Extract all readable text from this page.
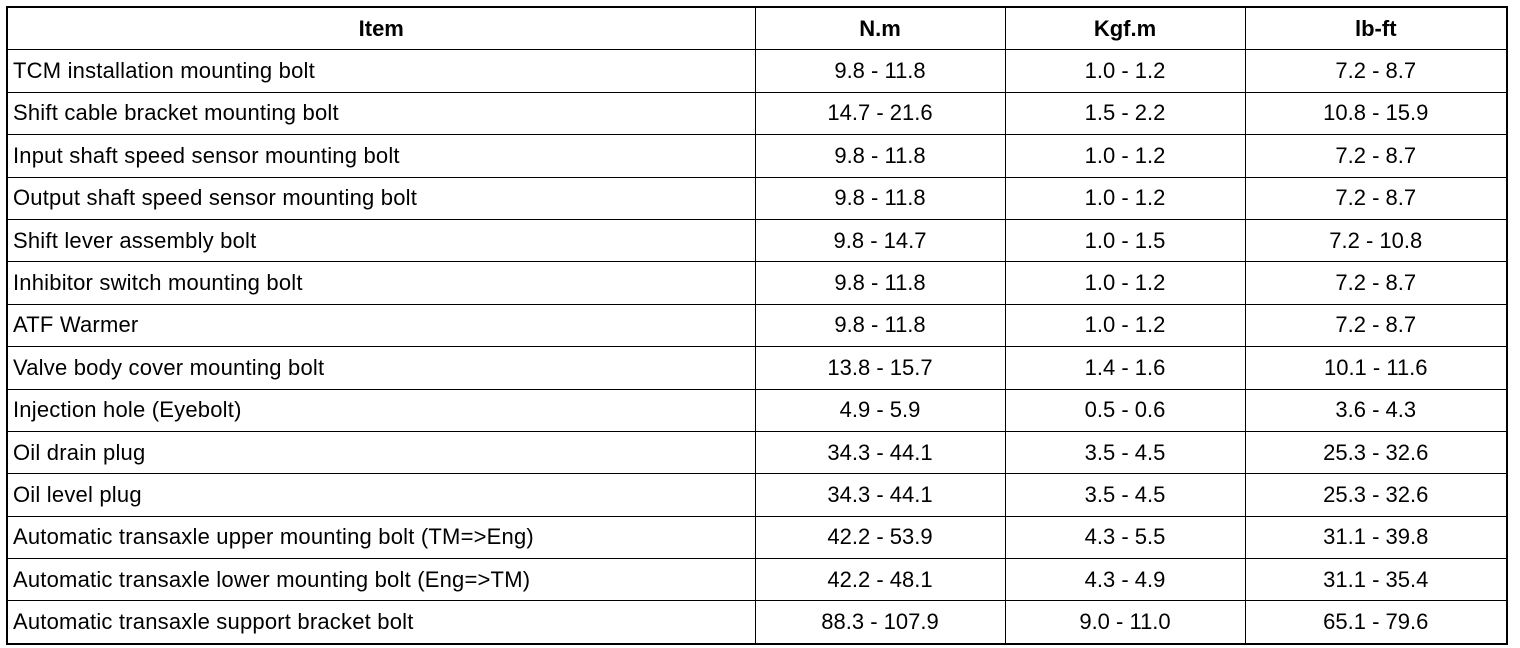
Item	N.m	Kgf.m	lb-ft
TCM installation mounting bolt	9.8 - 11.8	1.0 - 1.2	7.2 - 8.7
Shift cable bracket mounting bolt	14.7 - 21.6	1.5 - 2.2	10.8 - 15.9
Input shaft speed sensor mounting bolt	9.8 - 11.8	1.0 - 1.2	7.2 - 8.7
Output shaft speed sensor mounting bolt	9.8 - 11.8	1.0 - 1.2	7.2 - 8.7
Shift lever assembly bolt	9.8 - 14.7	1.0 - 1.5	7.2 - 10.8
Inhibitor switch mounting bolt	9.8 - 11.8	1.0 - 1.2	7.2 - 8.7
ATF Warmer	9.8 - 11.8	1.0 - 1.2	7.2 - 8.7
Valve body cover mounting bolt	13.8 - 15.7	1.4 - 1.6	10.1 - 11.6
Injection hole (Eyebolt)	4.9 - 5.9	0.5 - 0.6	3.6 - 4.3
Oil drain plug	34.3 - 44.1	3.5 - 4.5	25.3 - 32.6
Oil level plug	34.3 - 44.1	3.5 - 4.5	25.3 - 32.6
Automatic transaxle upper mounting bolt (TM=>Eng)	42.2 - 53.9	4.3 - 5.5	31.1 - 39.8
Automatic transaxle lower mounting bolt (Eng=>TM)	42.2 - 48.1	4.3 - 4.9	31.1 - 35.4
Automatic transaxle support bracket bolt	88.3 - 107.9	9.0 - 11.0	65.1 - 79.6
